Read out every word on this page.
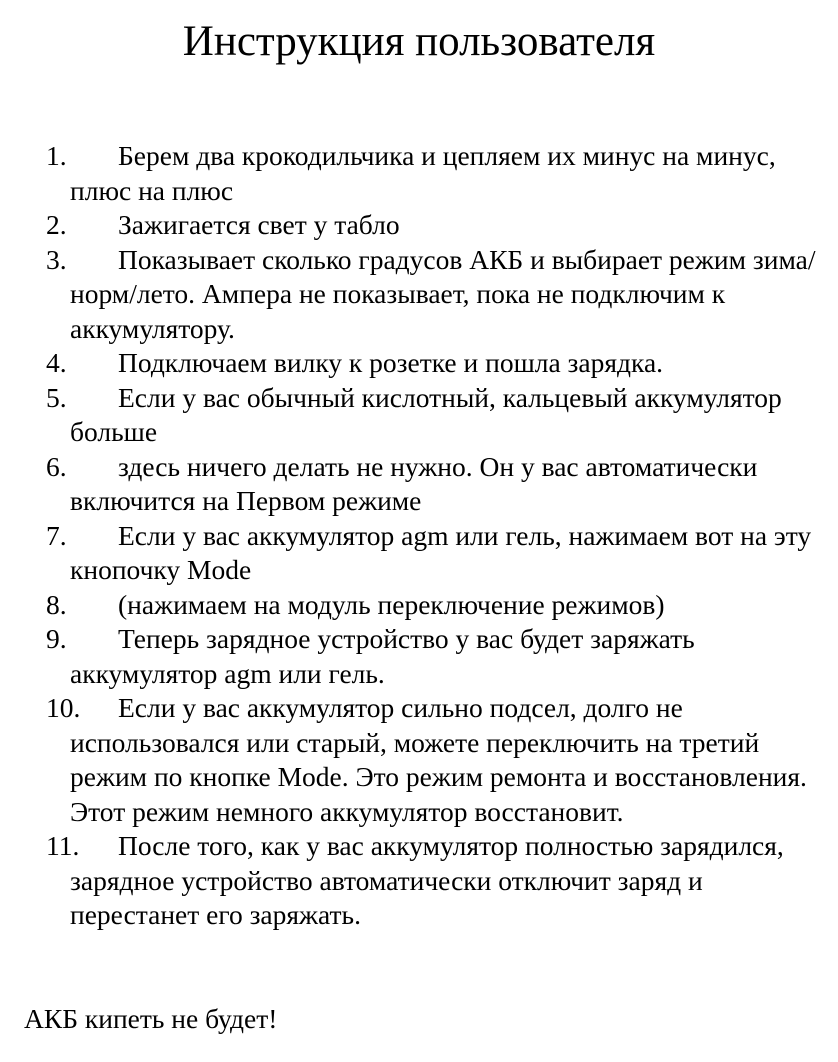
Инструкция пользователя
1. Берем два крокодильчика и цепляем их минус на минус, плюс на плюс
2. Зажигается свет у табло
3. Показывает сколько градусов АКБ и выбирает режим зима/норм/лето. Ампера не показывает, пока не подключим к аккумулятору.
4. Подключаем вилку к розетке и пошла зарядка.
5. Если у вас обычный кислотный, кальцевый аккумулятор больше
6. здесь ничего делать не нужно. Он у вас автоматически включится на Первом режиме
7. Если у вас аккумулятор agm или гель, нажимаем вот на эту кнопочку Mode
8. (нажимаем на модуль переключение режимов)
9. Теперь зарядное устройство у вас будет заряжать аккумулятор agm или гель.
10. Если у вас аккумулятор сильно подсел, долго не использовался или старый, можете переключить на третий режим по кнопке Mode. Это режим ремонта и восстановления. Этот режим немного аккумулятор восстановит.
11. После того, как у вас аккумулятор полностью зарядился, зарядное устройство автоматически отключит заряд и перестанет его заряжать.

АКБ кипеть не будет!
